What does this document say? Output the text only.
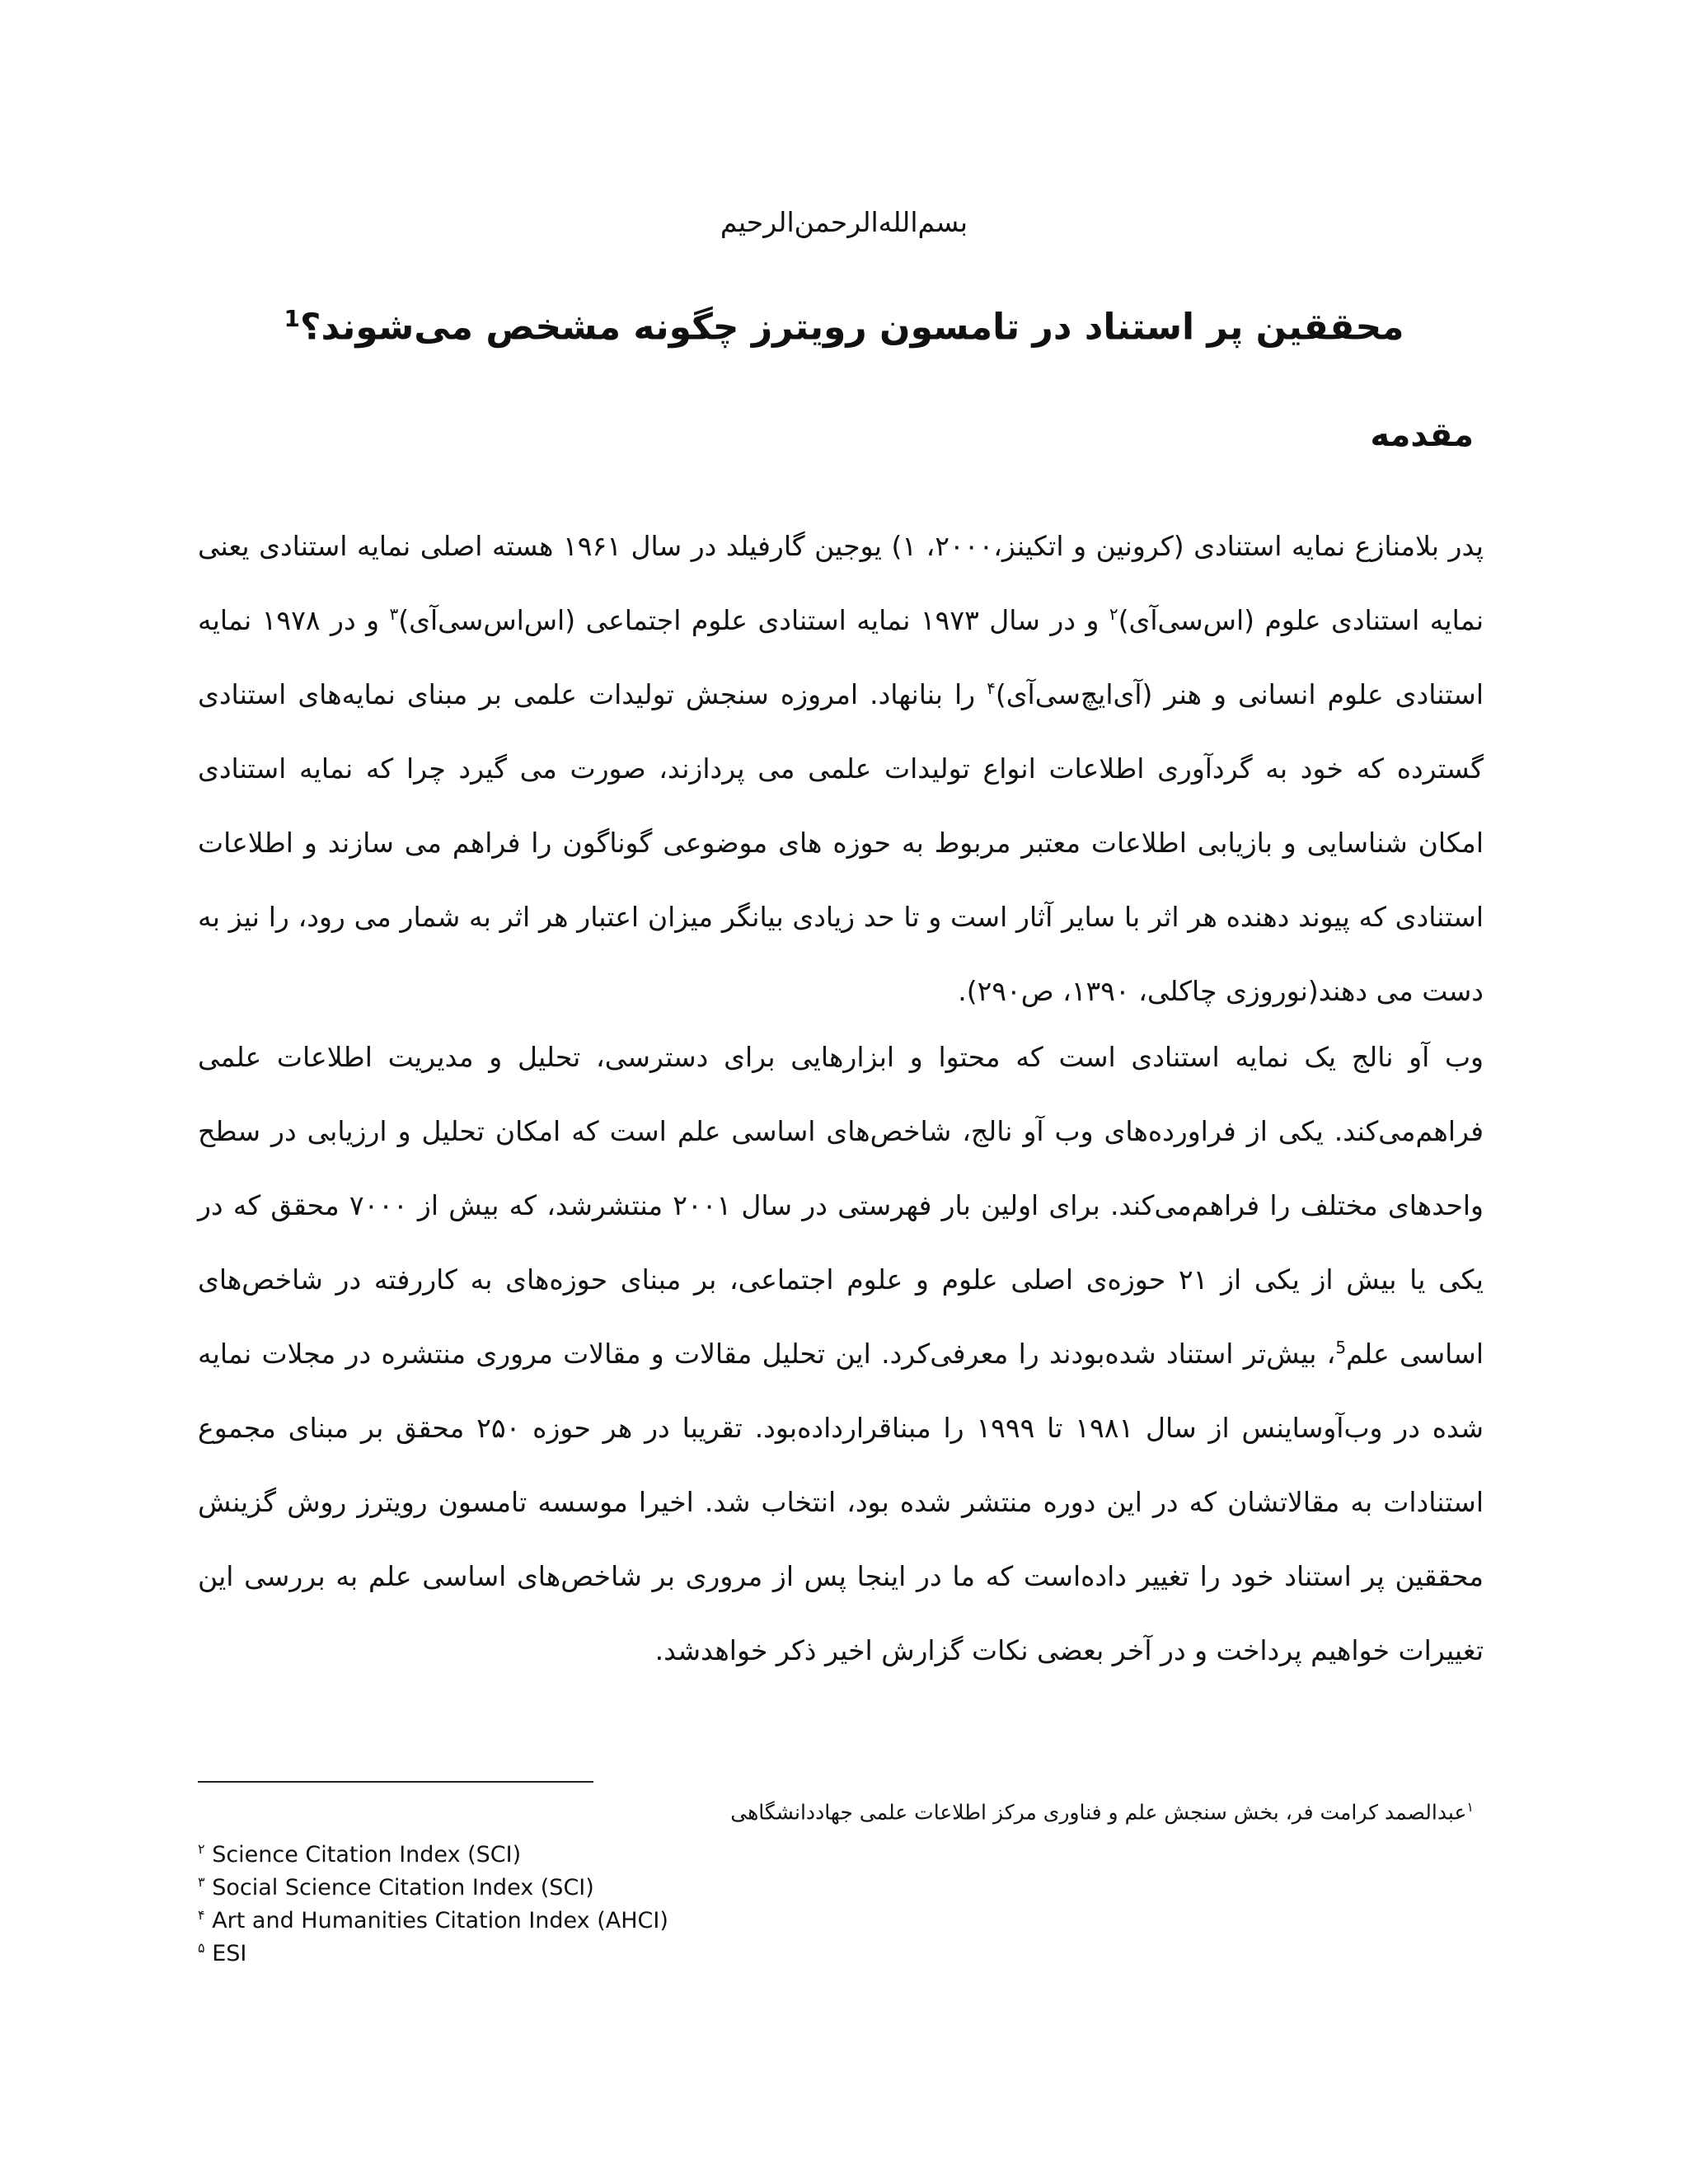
بسم‌الله‌الرحمن‌الرحیم
محققین پر استناد در تامسون رویترز چگونه مشخص می‌شوند؟$^1$
مقدمه
پدر بلامنازع نمایه استنادی (کرونین و اتکینز،۲۰۰۰، ۱) یوجین گارفیلد در سال ۱۹۶۱ هسته اصلی نمایه استنادی یعنی نمایه استنادی علوم (اس‌سی‌آی)$^۲$ و در سال ۱۹۷۳ نمایه استنادی علوم اجتماعی (اس‌اس‌سی‌آی)$^۳$ و در ۱۹۷۸ نمایه استنادی علوم انسانی و هنر (آی‌ایچ‌سی‌آی)$^۴$ را بنانهاد. امروزه سنجش تولیدات علمی بر مبنای نمایه‌های استنادی گسترده که خود به گردآوری اطلاعات انواع تولیدات علمی می پردازند، صورت می گیرد چرا که نمایه استنادی امکان شناسایی و بازیابی اطلاعات معتبر مربوط به حوزه های موضوعی گوناگون را فراهم می سازند و اطلاعات استنادی که پیوند دهنده هر اثر با سایر آثار است و تا حد زیادی بیانگر میزان اعتبار هر اثر به شمار می رود، را نیز به دست می دهند(نوروزی چاکلی، ۱۳۹۰، ص۲۹۰).
وب آو نالج یک نمایه استنادی است که محتوا و ابزارهایی برای دسترسی، تحلیل و مدیریت اطلاعات علمی فراهم‌می‌کند. یکی از فراورده‌های وب آو نالج، شاخص‌های اساسی علم است که امکان تحلیل و ارزیابی در سطح واحدهای مختلف را فراهم‌می‌کند. برای اولین بار فهرستی در سال ۲۰۰۱ منتشرشد، که بیش از ۷۰۰۰ محقق که در یکی یا بیش از یکی از ۲۱ حوزه‌ی اصلی علوم و علوم اجتماعی، بر مبنای حوزه‌های به کاررفته در شاخص‌های اساسی علم$^5$، بیش‌تر استناد شده‌بودند را معرفی‌کرد. این تحلیل مقالات و مقالات مروری منتشره در مجلات نمایه شده در وب‌آوساینس از سال ۱۹۸۱ تا ۱۹۹۹ را مبناقرارداده‌بود. تقریبا در هر حوزه ۲۵۰ محقق بر مبنای مجموع استنادات به مقالاتشان که در این دوره منتشر شده بود، انتخاب شد. اخیرا موسسه تامسون رویترز روش گزینش محققین پر استناد خود را تغییر داده‌است که ما در اینجا پس از مروری بر شاخص‌های اساسی علم به بررسی این تغییرات خواهیم پرداخت و در آخر بعضی نکات گزارش اخیر ذکر خواهدشد.
$^۱$عبدالصمد کرامت فر، بخش سنجش علم و فناوری مرکز اطلاعات علمی جهاددانشگاهی
$^۲$ Science Citation Index (SCI)
$^۳$ Social Science Citation Index (SCI)
$^۴$ Art and Humanities Citation Index (AHCI)
$^۵$ ESI
